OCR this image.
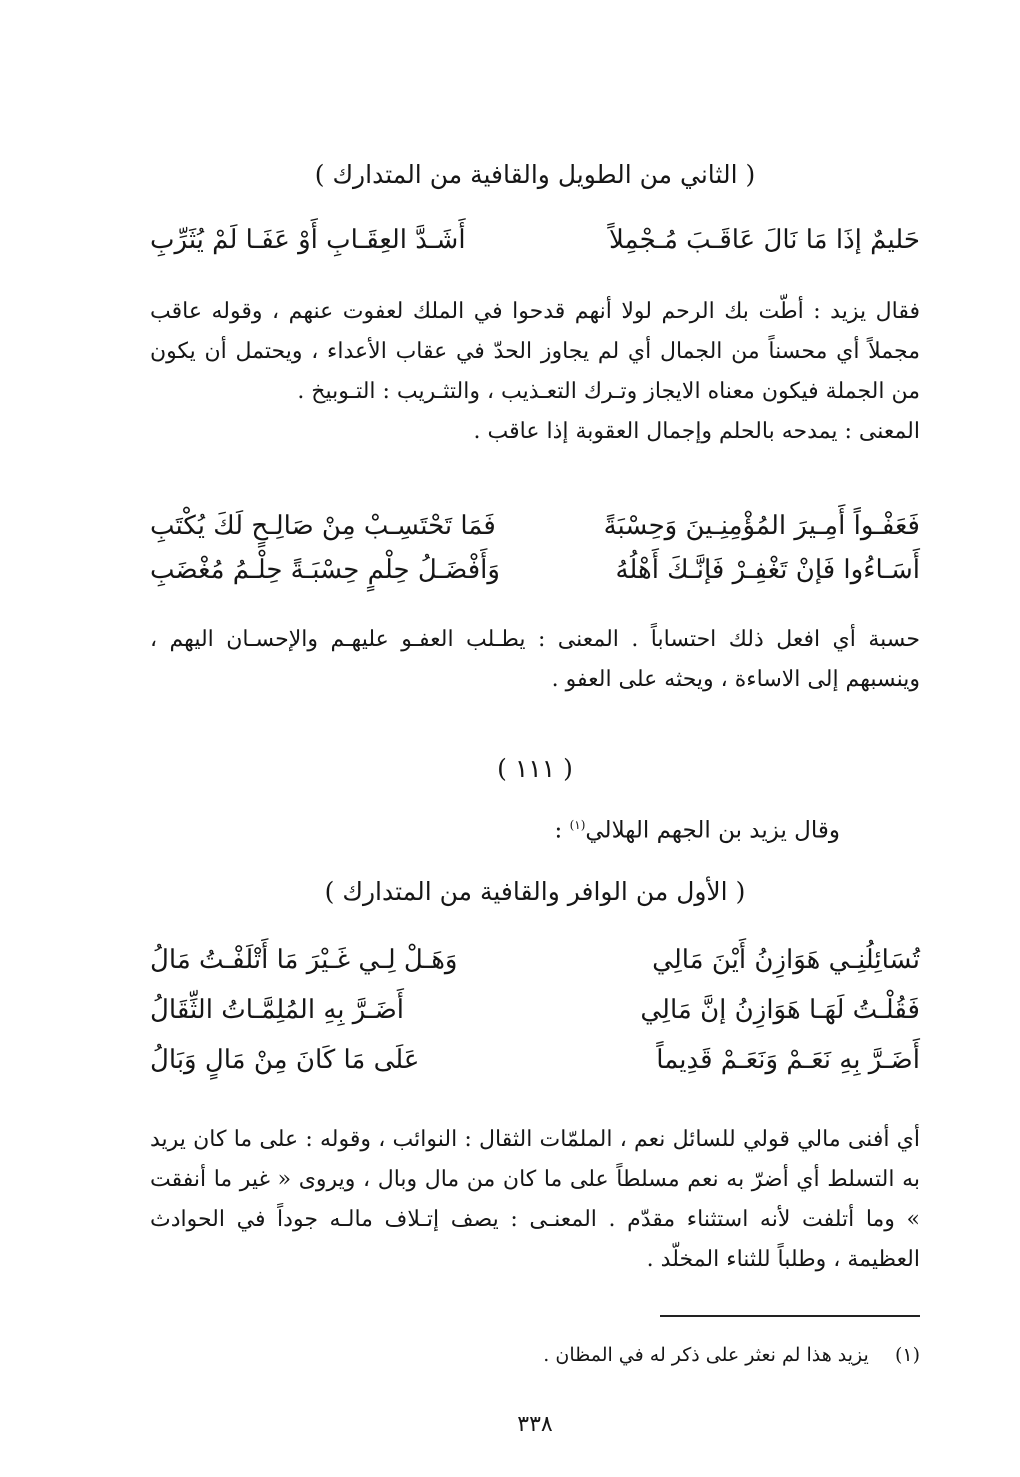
( الثاني من الطويل والقافية من المتدارك )
حَليمٌ إذَا مَا نَالَ عَاقَـبَ مُـجْمِلاً
أَشَـدَّ العِقَـابِ أَوْ عَفَـا لَمْ يُثَرِّبِ

فقال يزيد : أطّت بك الرحم لولا أنهم قدحوا في الملك لعفوت عنهم ، وقوله عاقب مجملاً أي محسناً من الجمال أي لم يجاوز الحدّ في عقاب الأعداء ، ويحتمل أن يكون من الجملة فيكون معناه الايجاز وتـرك التعـذيب ، والتثـريب : التـوبيخ .

المعنى : يمدحه بالحلم وإجمال العقوبة إذا عاقب .

فَعَفْـواً أَمِـيرَ المُؤْمِنِـينَ وَحِسْبَةً
فَمَا تَحْتَسِـبْ مِنْ صَالِـحٍ لَكَ يُكْتَبِ
أَسَـاءُوا فَإنْ تَغْفِـرْ فَإنَّـكَ أَهْلُهُ
وَأَفْضَـلُ حِلْمٍ حِسْبَـةً حِلْـمُ مُغْضَبِ

حسبة أي افعل ذلك احتساباً . المعنى : يطـلب العفـو عليهـم والإحسـان اليهم ، وينسبهم إلى الاساءة ، ويحثه على العفو .

( ١١١ )
وقال يزيد بن الجهم الهلالي$^{(١)}$ :
( الأول من الوافر والقافية من المتدارك )
تُسَائِلُنِـي هَوَازِنُ أَيْنَ مَالِي
وَهَـلْ لِـي غَـيْرَ مَا أَتْلَفْـتُ مَالُ
فَقُلْـتُ لَهَـا هَوَازِنُ إنَّ مَالِي
أَضَـرَّ بِهِ المُلِمَّـاتُ الثِّقَالُ
أَضَـرَّ بِهِ نَعَـمْ وَنَعَـمْ قَدِيماً
عَلَى مَا كَانَ مِنْ مَالٍ وَبَالُ

أي أفنى مالي قولي للسائل نعم ، الملمّات الثقال : النوائب ، وقوله : على ما كان يريد به التسلط أي أضرّ به نعم مسلطاً على ما كان من مال وبال ، ويروى « غير ما أنفقت » وما أتلفت لأنه استثناء مقدّم . المعنـى : يصف إتـلاف مالـه جوداً في الحوادث العظيمة ، وطلباً للثناء المخلّد .

(١)  يزيد هذا لم نعثر على ذكر له في المظان .
٣٣٨
